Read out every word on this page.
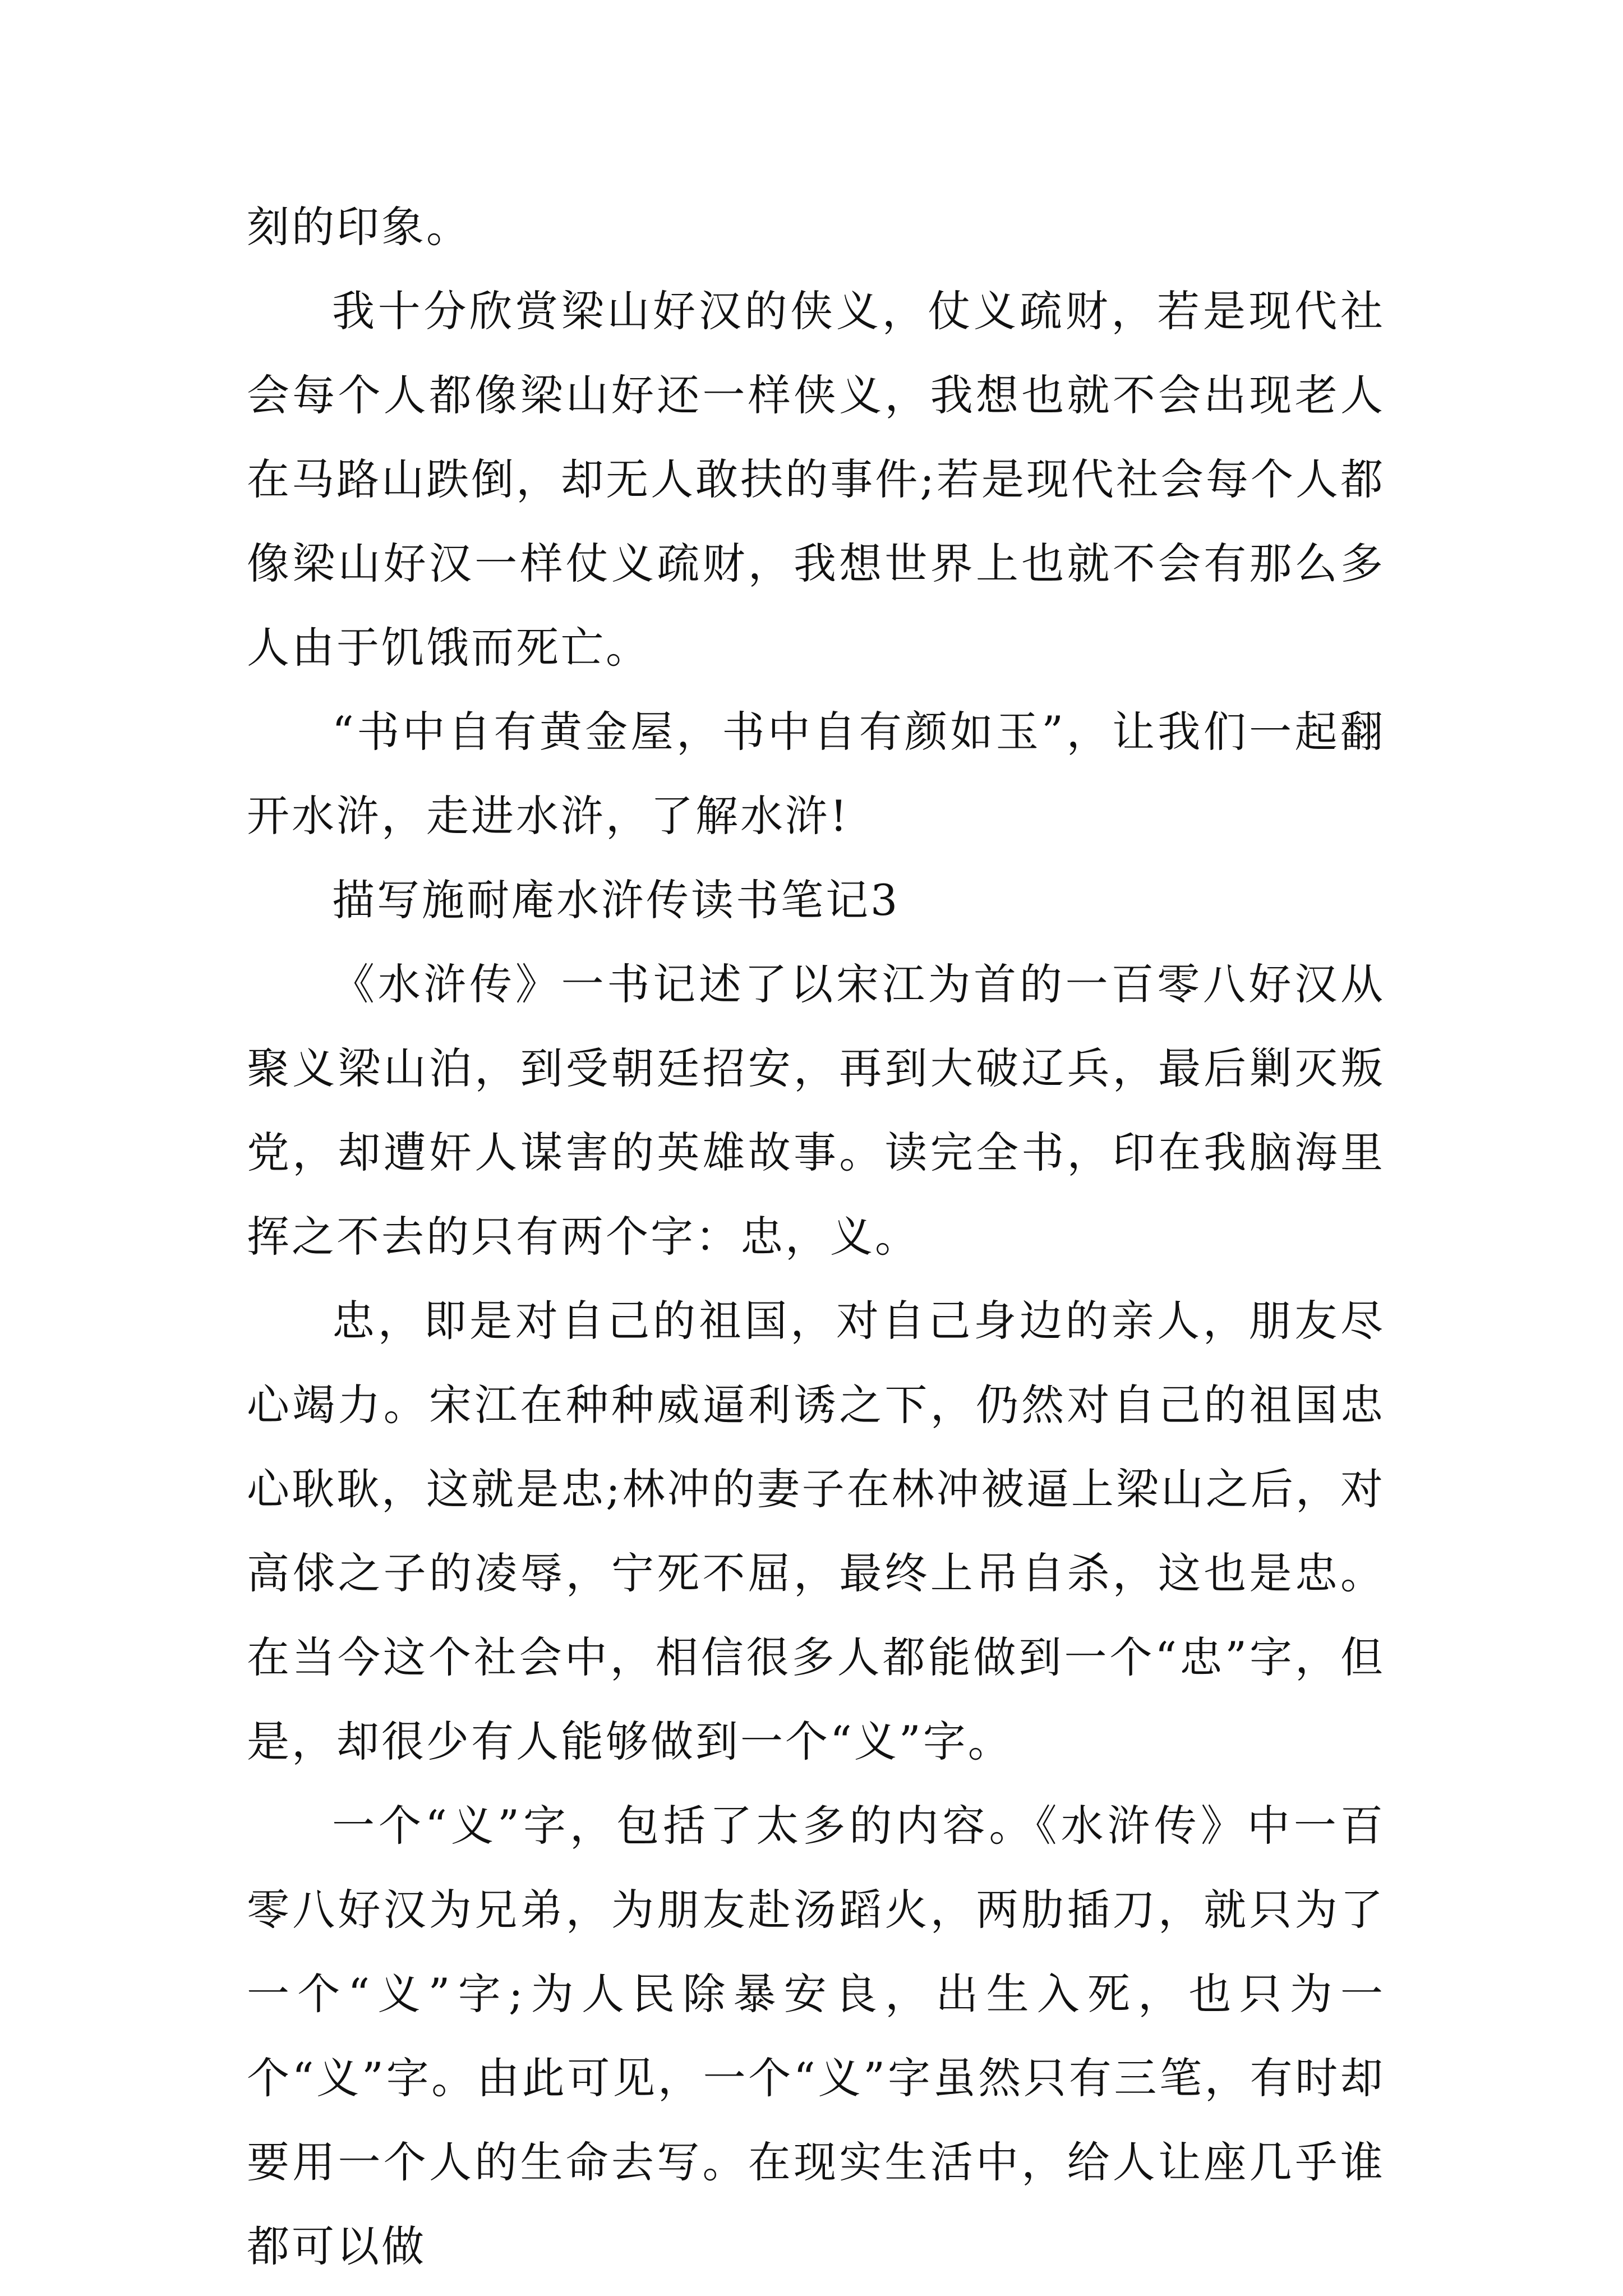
刻的印象。

我十分欣赏梁山好汉的侠义，仗义疏财，若是现代社会每个人都像梁山好还一样侠义，我想也就不会出现老人在马路山跌倒，却无人敢扶的事件;若是现代社会每个人都像梁山好汉一样仗义疏财，我想世界上也就不会有那么多人由于饥饿而死亡。

“书中自有黄金屋，书中自有颜如玉”，让我们一起翻开水浒，走进水浒，了解水浒!

描写施耐庵水浒传读书笔记3

《水浒传》一书记述了以宋江为首的一百零八好汉从聚义梁山泊，到受朝廷招安，再到大破辽兵，最后剿灭叛党，却遭奸人谋害的英雄故事。读完全书，印在我脑海里挥之不去的只有两个字：忠，义。

忠，即是对自己的祖国，对自己身边的亲人，朋友尽心竭力。宋江在种种威逼利诱之下，仍然对自己的祖国忠心耿耿，这就是忠;林冲的妻子在林冲被逼上梁山之后，对高俅之子的凌辱，宁死不屈，最终上吊自杀，这也是忠。在当今这个社会中，相信很多人都能做到一个“忠”字，但是，却很少有人能够做到一个“义”字。

一个“义”字，包括了太多的内容。《水浒传》中一百零八好汉为兄弟，为朋友赴汤蹈火，两肋插刀，就只为了一个“义”字;为人民除暴安良，出生入死，也只为一个“义”字。由此可见，一个“义”字虽然只有三笔，有时却要用一个人的生命去写。在现实生活中，给人让座几乎谁都可以做
